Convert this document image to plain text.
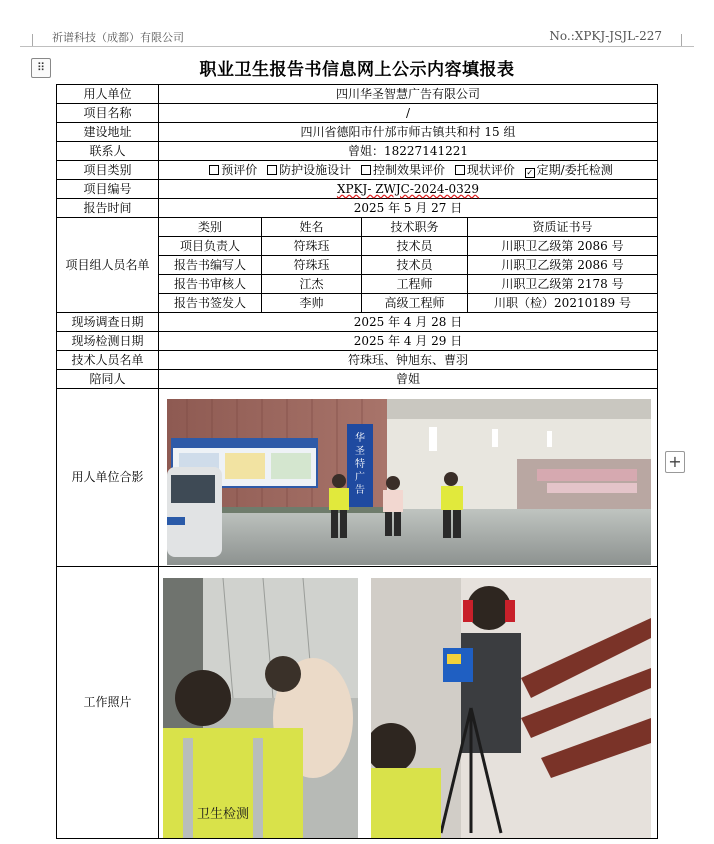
祈谱科技（成都）有限公司	No.:XPKJ-JSJL-227
⠿
+
职业卫生报告书信息网上公示内容填报表
用人单位	四川华圣智慧广告有限公司			
项目名称	/			
建设地址	四川省德阳市什邡市师古镇共和村 15 组			
联系人	曾姐：18227141221			
项目类别	预评价 防护设施设计 控制效果评价 现状评价 ✓ 定期/委托检测			
项目编号	XPKJ- ZWJC-2024-0329			
报告时间	2025 年 5 月 27 日			
项目组人员名单	类别	姓名	技术职务	资质证书号
	项目负责人	符珠珏	技术员	川职卫乙级第 2086 号
	报告书编写人	符珠珏	技术员	川职卫乙级第 2086 号
	报告书审核人	江杰	工程师	川职卫乙级第 2178 号
	报告书签发人	李帅	高级工程师	川职（检）20210189 号
现场调查日期	2025 年 4 月 28 日			
现场检测日期	2025 年 4 月 29 日			
技术人员名单	符珠珏、钟旭东、曹羽			
陪同人	曾姐			
用人单位合影				
工作照片				
华
圣
特
广
告
卫生检测
